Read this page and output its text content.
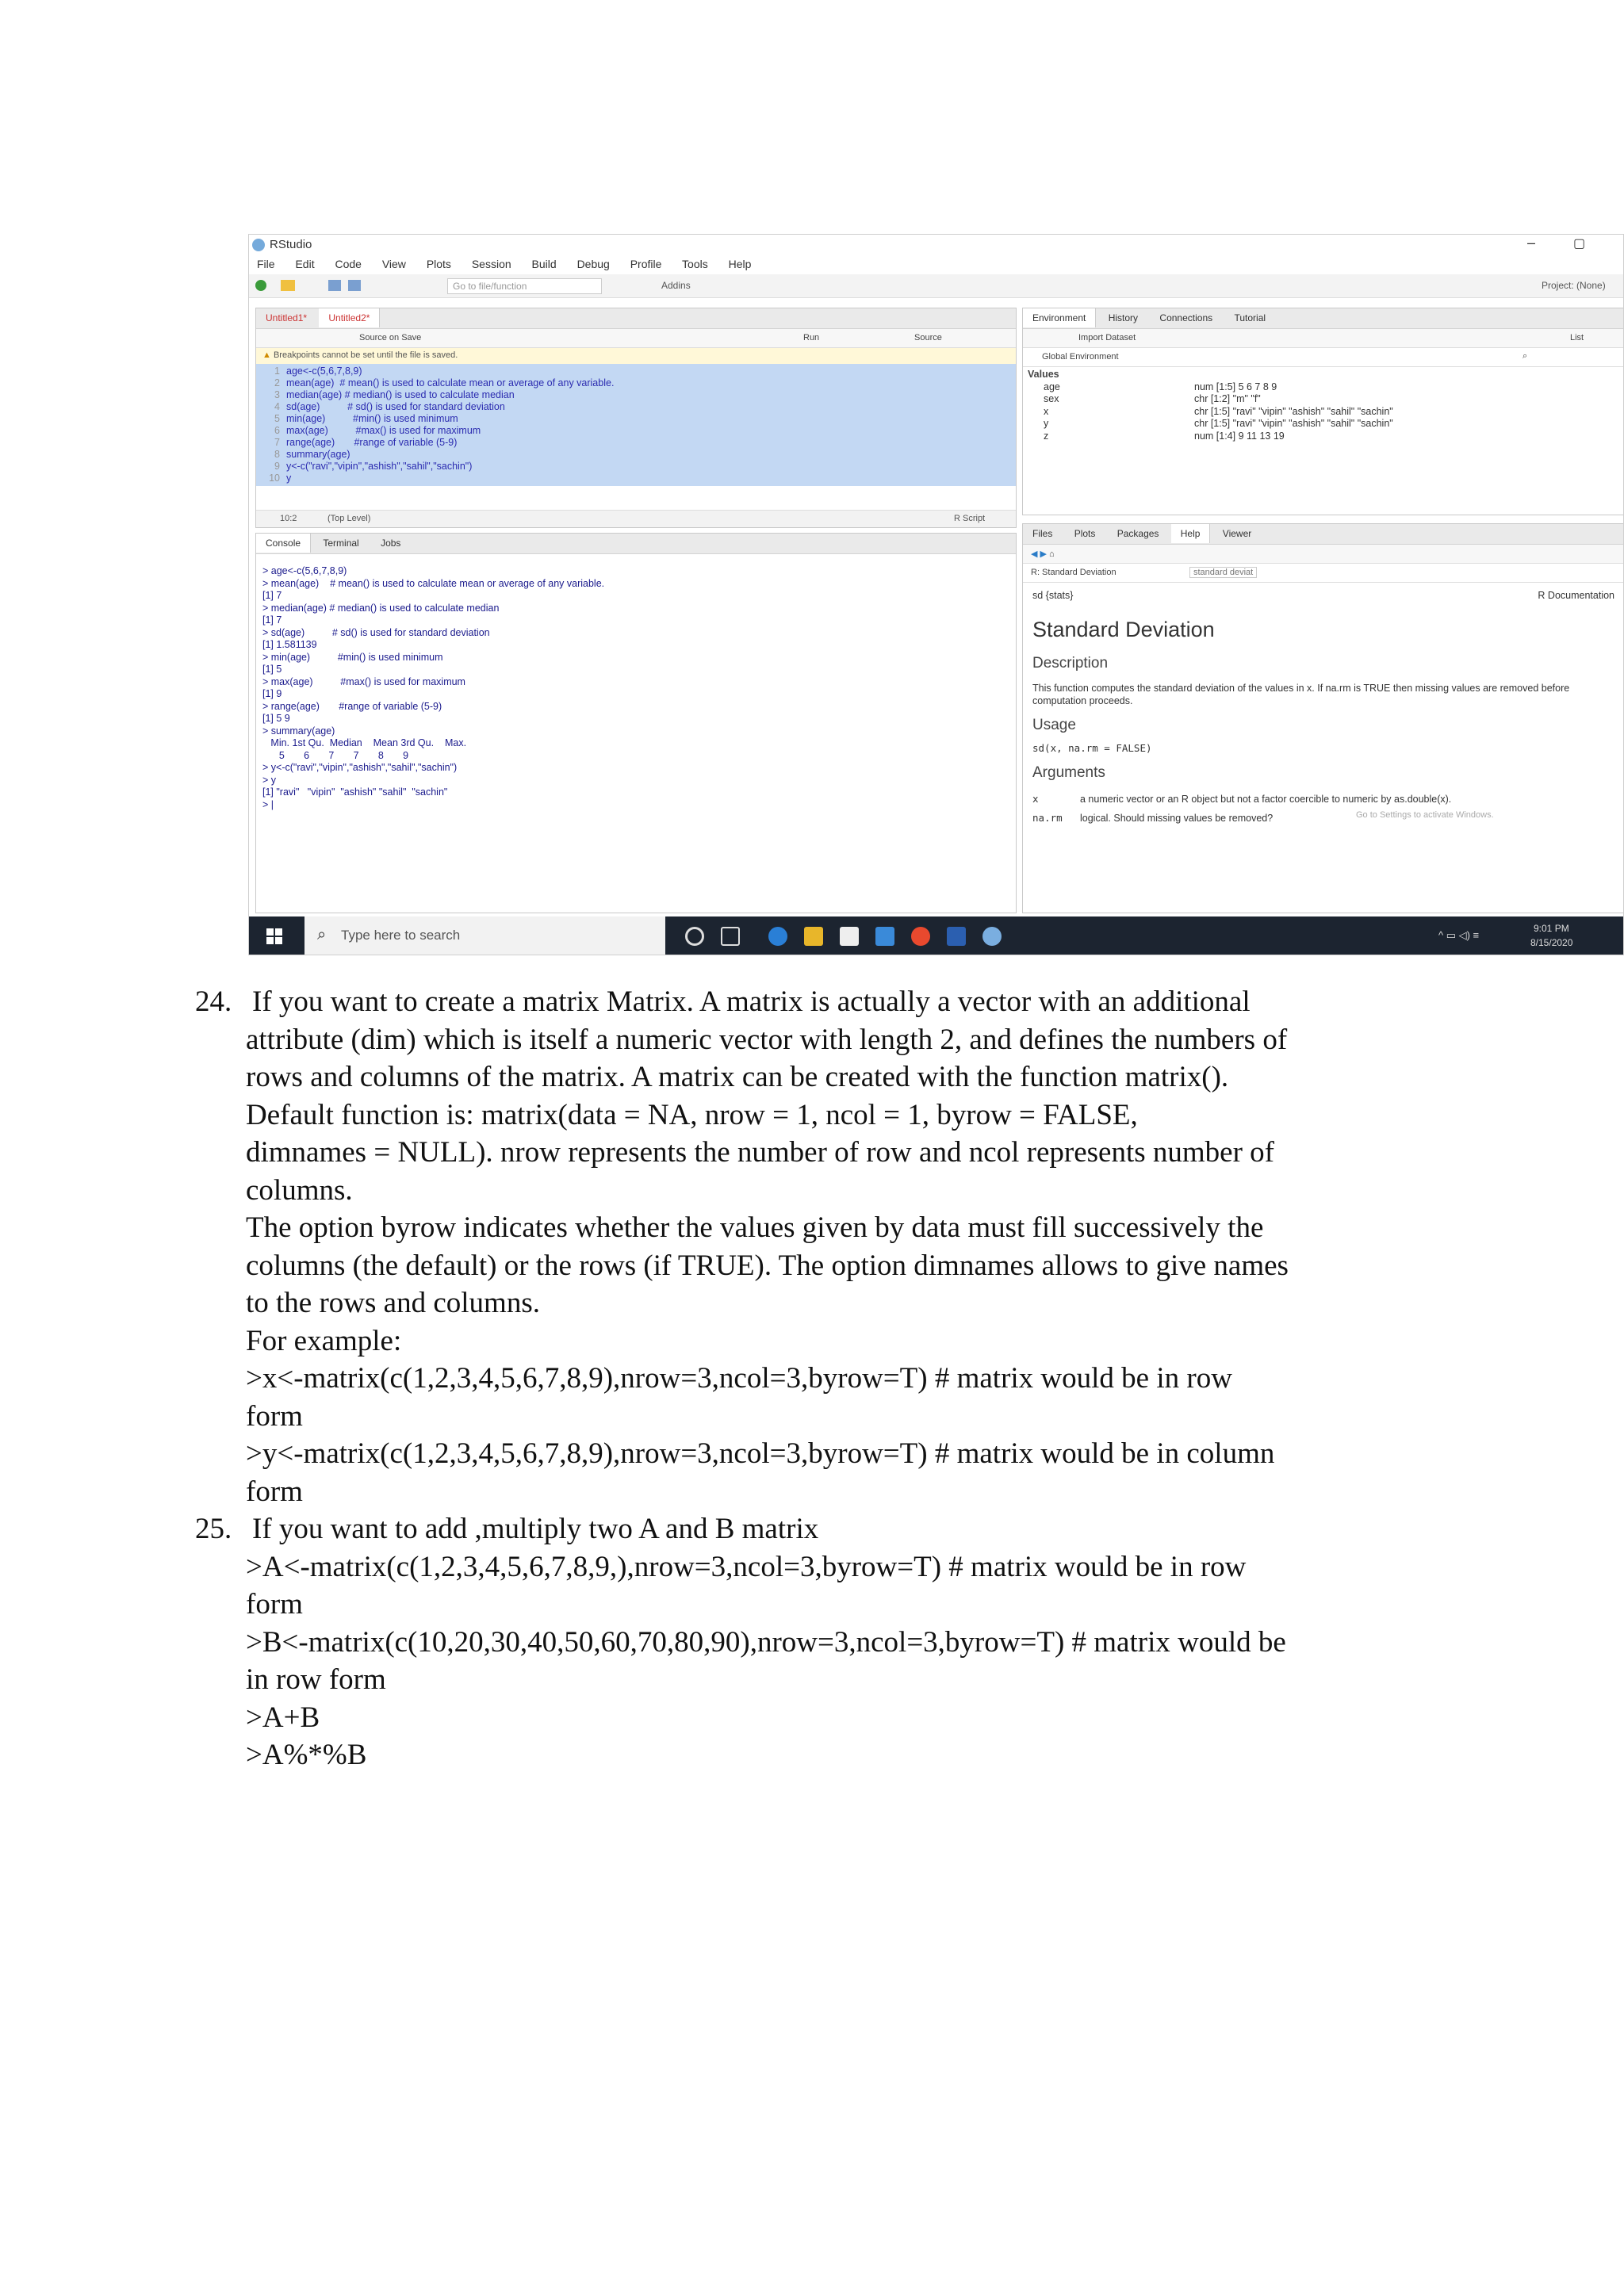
RStudio	–	▢
File Edit Code View Plots Session Build Debug Profile Tools Help
Go to file/function	Addins	Project: (None)
Untitled1* Untitled2*
Source on Save	Run	Source
▲ Breakpoints cannot be set until the file is saved.
1 age<-c(5,6,7,8,9)
2 mean(age)  # mean() is used to calculate mean or average of any variable.
3 median(age) # median() is used to calculate median
4 sd(age)          # sd() is used for standard deviation
5 min(age)          #min() is used minimum
6 max(age)          #max() is used for maximum
7 range(age)       #range of variable (5-9)
8 summary(age)
9 y<-c("ravi","vipin","ashish","sahil","sachin")
10 y
10:2	(Top Level)	R Script
Console Terminal Jobs
> age<-c(5,6,7,8,9)
> mean(age)    # mean() is used to calculate mean or average of any variable.
[1] 7
> median(age) # median() is used to calculate median
[1] 7
> sd(age)          # sd() is used for standard deviation
[1] 1.581139
> min(age)          #min() is used minimum
[1] 5
> max(age)          #max() is used for maximum
[1] 9
> range(age)       #range of variable (5-9)
[1] 5 9
> summary(age)
Min. 1st Qu.  Median    Mean 3rd Qu.    Max.
5       6       7       7       8       9
> y<-c("ravi","vipin","ashish","sahil","sachin")
> y
[1] "ravi"   "vipin"  "ashish" "sahil"  "sachin"
> |
Environment History Connections Tutorial
Import Dataset	List
Global Environment	⌕
Values
age	num [1:5] 5 6 7 8 9
sex	chr [1:2] "m" "f"
x	chr [1:5] "ravi" "vipin" "ashish" "sahil" "sachin"
y	chr [1:5] "ravi" "vipin" "ashish" "sahil" "sachin"
z	num [1:4] 9 11 13 19
Files Plots Packages Help Viewer
◀ ▶ ⌂
R: Standard Deviation	standard deviat
sd {stats}	R Documentation
Standard Deviation
Description
This function computes the standard deviation of the values in x. If na.rm is TRUE then missing values are removed before computation proceeds.
Usage
sd(x, na.rm = FALSE)
Arguments
x	a numeric vector or an R object but not a factor coercible to numeric by as.double(x).
na.rm	logical. Should missing values be removed?	Go to Settings to activate Windows.
⌕ Type here to search	^ ▭ ◁) ≡
9:01 PM
8/15/2020
24. If you want to create a matrix Matrix. A matrix is actually a vector with an additional
attribute (dim) which is itself a numeric vector with length 2, and defines the numbers of
rows and columns of the matrix. A matrix can be created with the function matrix().
Default function is: matrix(data = NA, nrow = 1, ncol = 1, byrow = FALSE,
dimnames = NULL). nrow represents the number of row and ncol represents number of
columns.
The option byrow indicates whether the values given by data must fill successively the
columns (the default) or the rows (if TRUE). The option dimnames allows to give names
to the rows and columns.
For example:
>x<-matrix(c(1,2,3,4,5,6,7,8,9),nrow=3,ncol=3,byrow=T) # matrix would be in row
form
>y<-matrix(c(1,2,3,4,5,6,7,8,9),nrow=3,ncol=3,byrow=T) # matrix would be in column
form
25. If you want to add ,multiply two A and B matrix
>A<-matrix(c(1,2,3,4,5,6,7,8,9,),nrow=3,ncol=3,byrow=T) # matrix would be in row
form
>B<-matrix(c(10,20,30,40,50,60,70,80,90),nrow=3,ncol=3,byrow=T) # matrix would be
in row form
>A+B
>A%*%B
